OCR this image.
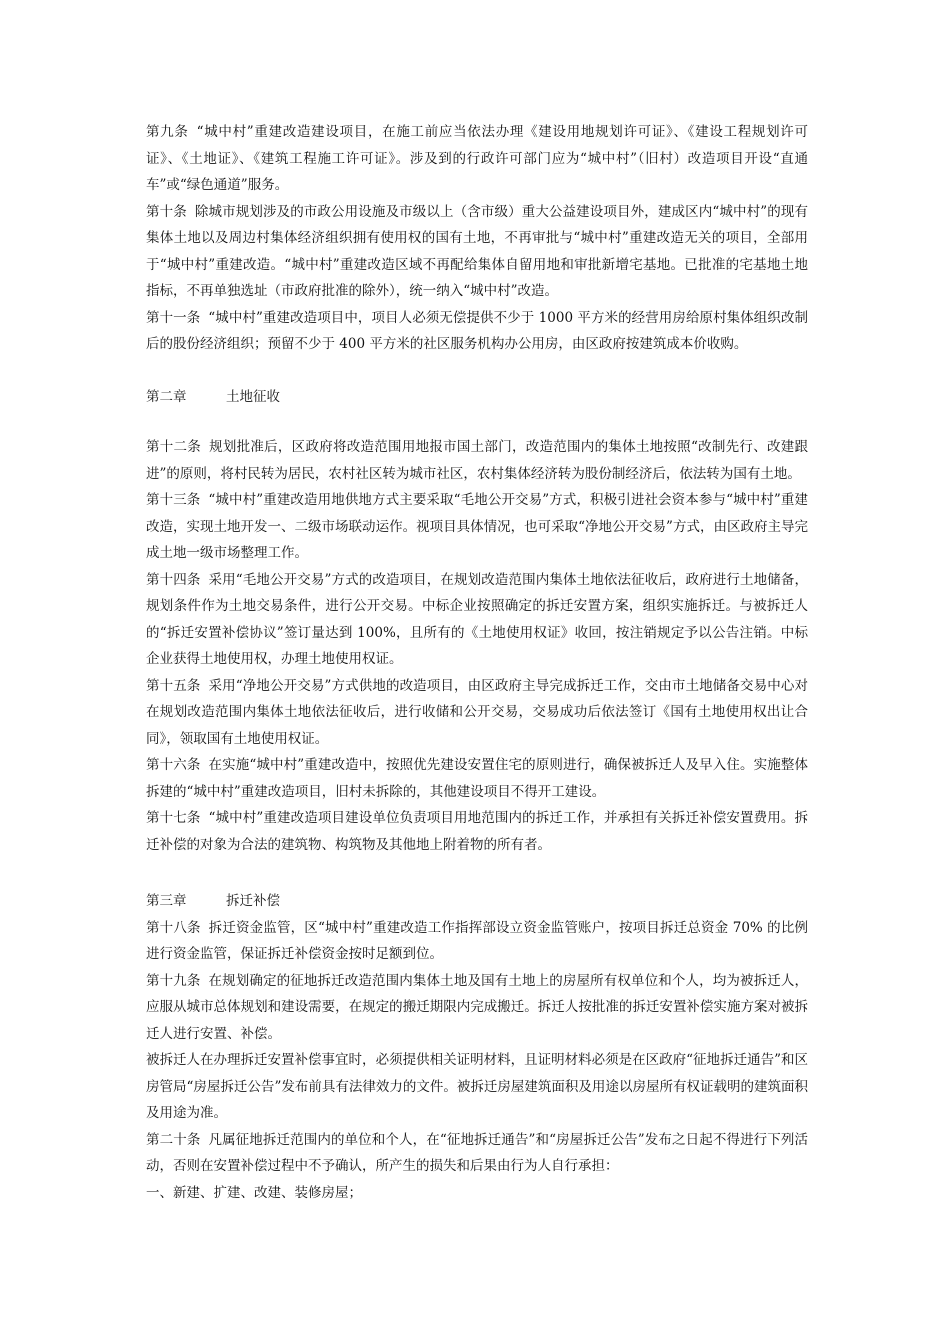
第九条 “城中村”重建改造建设项目，在施工前应当依法办理《建设用地规划许可证》、《建设工程规划许可证》、《土地证》、《建筑工程施工许可证》。涉及到的行政许可部门应为“城中村”（旧村）改造项目开设“直通车”或“绿色通道”服务。

第十条 除城市规划涉及的市政公用设施及市级以上（含市级）重大公益建设项目外，建成区内“城中村”的现有集体土地以及周边村集体经济组织拥有使用权的国有土地，不再审批与“城中村”重建改造无关的项目，全部用于“城中村”重建改造。“城中村”重建改造区域不再配给集体自留用地和审批新增宅基地。已批准的宅基地土地指标，不再单独选址（市政府批准的除外），统一纳入“城中村”改造。

第十一条 “城中村”重建改造项目中，项目人必须无偿提供不少于 1000 平方米的经营用房给原村集体组织改制后的股份经济组织；预留不少于 400 平方米的社区服务机构办公用房，由区政府按建筑成本价收购。

第二章	土地征收

第十二条 规划批准后，区政府将改造范围用地报市国土部门，改造范围内的集体土地按照“改制先行、改建跟进”的原则，将村民转为居民，农村社区转为城市社区，农村集体经济转为股份制经济后，依法转为国有土地。

第十三条 “城中村”重建改造用地供地方式主要采取“毛地公开交易”方式，积极引进社会资本参与“城中村”重建改造，实现土地开发一、二级市场联动运作。视项目具体情况，也可采取“净地公开交易”方式，由区政府主导完成土地一级市场整理工作。

第十四条 采用“毛地公开交易”方式的改造项目，在规划改造范围内集体土地依法征收后，政府进行土地储备，规划条件作为土地交易条件，进行公开交易。中标企业按照确定的拆迁安置方案，组织实施拆迁。与被拆迁人的“拆迁安置补偿协议”签订量达到 100%，且所有的《土地使用权证》收回，按注销规定予以公告注销。中标企业获得土地使用权，办理土地使用权证。

第十五条 采用“净地公开交易”方式供地的改造项目，由区政府主导完成拆迁工作，交由市土地储备交易中心对在规划改造范围内集体土地依法征收后，进行收储和公开交易，交易成功后依法签订《国有土地使用权出让合同》，领取国有土地使用权证。

第十六条 在实施“城中村”重建改造中，按照优先建设安置住宅的原则进行，确保被拆迁人及早入住。实施整体拆建的“城中村”重建改造项目，旧村未拆除的，其他建设项目不得开工建设。

第十七条 “城中村”重建改造项目建设单位负责项目用地范围内的拆迁工作，并承担有关拆迁补偿安置费用。拆迁补偿的对象为合法的建筑物、构筑物及其他地上附着物的所有者。

第三章	拆迁补偿

第十八条 拆迁资金监管，区“城中村”重建改造工作指挥部设立资金监管账户，按项目拆迁总资金 70% 的比例进行资金监管，保证拆迁补偿资金按时足额到位。

第十九条 在规划确定的征地拆迁改造范围内集体土地及国有土地上的房屋所有权单位和个人，均为被拆迁人，应服从城市总体规划和建设需要，在规定的搬迁期限内完成搬迁。拆迁人按批准的拆迁安置补偿实施方案对被拆迁人进行安置、补偿。

被拆迁人在办理拆迁安置补偿事宜时，必须提供相关证明材料，且证明材料必须是在区政府“征地拆迁通告”和区房管局“房屋拆迁公告”发布前具有法律效力的文件。被拆迁房屋建筑面积及用途以房屋所有权证载明的建筑面积及用途为准。

第二十条 凡属征地拆迁范围内的单位和个人，在“征地拆迁通告”和“房屋拆迁公告”发布之日起不得进行下列活动，否则在安置补偿过程中不予确认，所产生的损失和后果由行为人自行承担：

一、新建、扩建、改建、装修房屋；
